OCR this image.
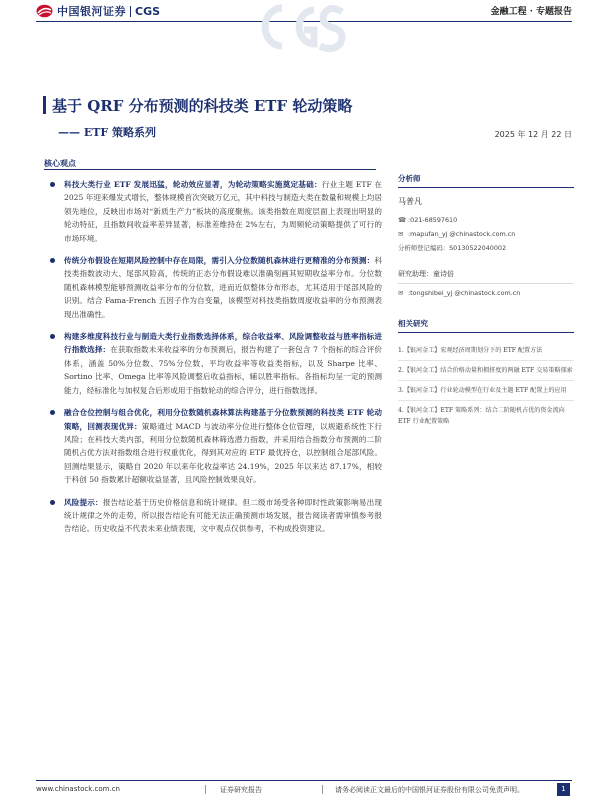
中国银河证券 CGS	金融工程 · 专题报告
基于 QRF 分布预测的科技类 ETF 轮动策略
—— ETF 策略系列	2025 年 12 月 22 日
核心观点
科技大类行业 ETF 发展迅猛，轮动效应显著，为轮动策略实施奠定基础：行业主题 ETF 在 2025 年迎来爆发式增长，整体规模首次突破万亿元，其中科技与制造大类在数量和规模上均居领先地位，反映出市场对“新质生产力”板块的高度聚焦。该类指数在周度层面上表现出明显的轮动特征，且指数间收益率差异显著，标准差维持在 2%左右，为周频轮动策略提供了可行的市场环境。
传统分布假设在短期风险控制中存在局限，需引入分位数随机森林进行更精准的分布预测：科技类指数波动大、尾部风险高，传统的正态分布假设难以准确刻画其短期收益率分布。分位数随机森林模型能够预测收益率分布的分位数，进而近似整体分布形态，尤其适用于尾部风险的识别。结合 Fama-French 五因子作为自变量，该模型对科技类指数周度收益率的分布预测表现出准确性。
构建多维度科技行业与制造大类行业指数选择体系，综合收益率、风险调整收益与胜率指标进行指数选择：在获取指数未来收益率的分布预测后，报告构建了一套包含 7 个指标的综合评价体系，涵盖 50%分位数、75%分位数、平均收益率等收益类指标，以及 Sharpe 比率、Sortino 比率、Omega 比率等风险调整后收益指标，辅以胜率指标。各指标均呈一定的预测能力，经标准化与加权复合后形成用于指数轮动的综合评分，进行指数选择。
融合仓位控制与组合优化，利用分位数随机森林算法构建基于分位数预测的科技类 ETF 轮动策略，回测表现优异：策略通过 MACD 与波动率分位进行整体仓位管理，以规避系统性下行风险；在科技大类内部，利用分位数随机森林筛选潜力指数，并采用结合指数分布预测的二阶随机占优方法对指数组合进行权重优化，得到其对应的 ETF 最优持仓，以控制组合尾部风险。回测结果显示，策略自 2020 年以来年化收益率达 24.19%，2025 年以来达 87.17%，相较于科创 50 指数累计超额收益显著，且风险控制效果良好。
风险提示：报告结论基于历史价格信息和统计规律。但二级市场受各种即时性政策影响易出现统计规律之外的走势，所以报告结论有可能无法正确预测市场发展，报告阅读者需审慎参考报告结论。历史收益不代表未来业绩表现，文中观点仅供参考，不构成投资建议。
分析师
马普凡
☎ : 021-68597610
✉ : mapufan_yj @chinastock.com.cn
分析师登记编码：S0130522040002
研究助理：童诗倍
✉ : tongshibei_yj @chinastock.com.cn
相关研究
1.【银河金工】宏观经济周期划分下的 ETF 配置方法
2.【银河金工】结合价格动量和拥挤度的两融 ETF 交易策略探索
3.【银河金工】行业轮动模型在行业及主题 ETF 配置上的应用
4.【银河金工】ETF 策略系列：结合二阶随机占优的资金流向 ETF 行业配置策略
www.chinastock.com.cn	证券研究报告	请务必阅读正文最后的中国银河证券股份有限公司免责声明。	1
